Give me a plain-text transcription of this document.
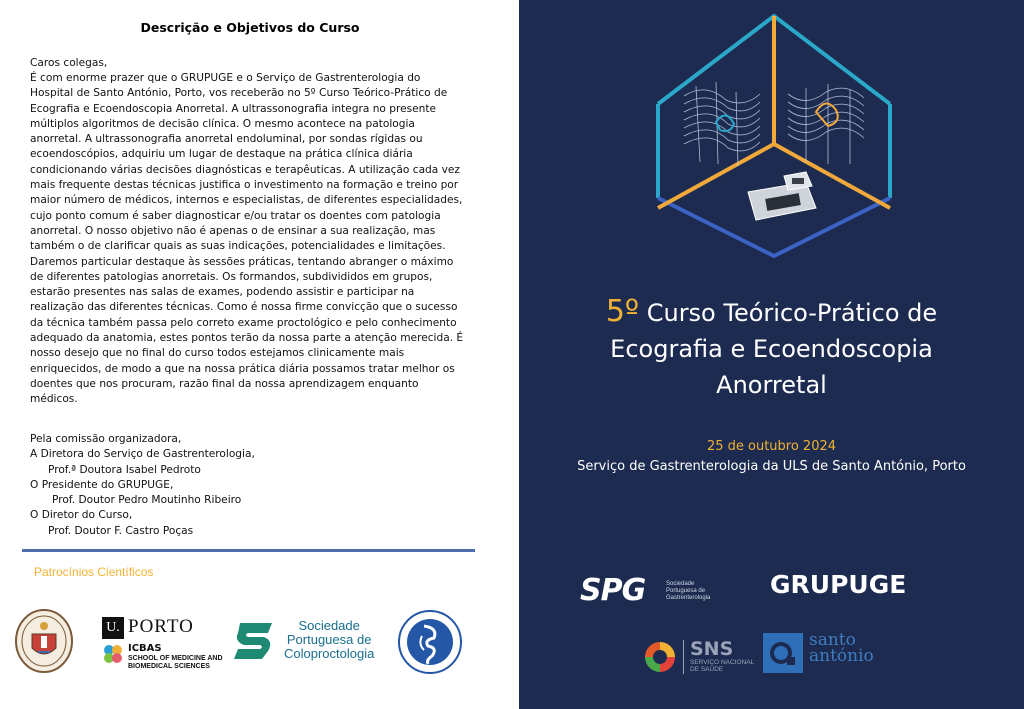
Descrição e Objetivos do Curso
Caros colegas,
É com enorme prazer que o GRUPUGE e o Serviço de Gastrenterologia do
Hospital de Santo António, Porto, vos receberão no 5º Curso Teórico-Prático de
Ecografia e Ecoendoscopia Anorretal. A ultrassonografia integra no presente
múltiplos algoritmos de decisão clínica. O mesmo acontece na patologia
anorretal. A ultrassonografia anorretal endoluminal, por sondas rígidas ou
ecoendoscópios, adquiriu um lugar de destaque na prática clínica diária
condicionando várias decisões diagnósticas e terapêuticas. A utilização cada vez
mais frequente destas técnicas justifica o investimento na formação e treino por
maior número de médicos, internos e especialistas, de diferentes especialidades,
cujo ponto comum é saber diagnosticar e/ou tratar os doentes com patologia
anorretal. O nosso objetivo não é apenas o de ensinar a sua realização, mas
também o de clarificar quais as suas indicações, potencialidades e limitações.
Daremos particular destaque às sessões práticas, tentando abranger o máximo
de diferentes patologias anorretais. Os formandos, subdivididos em grupos,
estarão presentes nas salas de exames, podendo assistir e participar na
realização das diferentes técnicas. Como é nossa firme convicção que o sucesso
da técnica também passa pelo correto exame proctológico e pelo conhecimento
adequado da anatomia, estes pontos terão da nossa parte a atenção merecida. É
nosso desejo que no final do curso todos estejamos clinicamente mais
enriquecidos, de modo a que na nossa prática diária possamos tratar melhor os
doentes que nos procuram, razão final da nossa aprendizagem enquanto
médicos.
Pela comissão organizadora,
A Diretora do Serviço de Gastrenterologia,
Prof.ª Doutora Isabel Pedroto
O Presidente do GRUPUGE,
Prof. Doutor Pedro Moutinho Ribeiro
O Diretor do Curso,
Prof. Doutor F. Castro Poças
Patrocínios Científicos
U. PORTO
ICBAS
SCHOOL OF MEDICINE AND
BIOMEDICAL SCIENCES
Sociedade
Portuguesa de
Coloproctologia
5º Curso Teórico-Prático de
Ecografia e Ecoendoscopia
Anorretal
25 de outubro 2024
Serviço de Gastrenterologia da ULS de Santo António, Porto
SPG	Sociedade
Portuguesa de
Gastrenterologia GRUPUGE
SNS
SERVIÇO NACIONAL
DE SAÚDE
santo
antónio
